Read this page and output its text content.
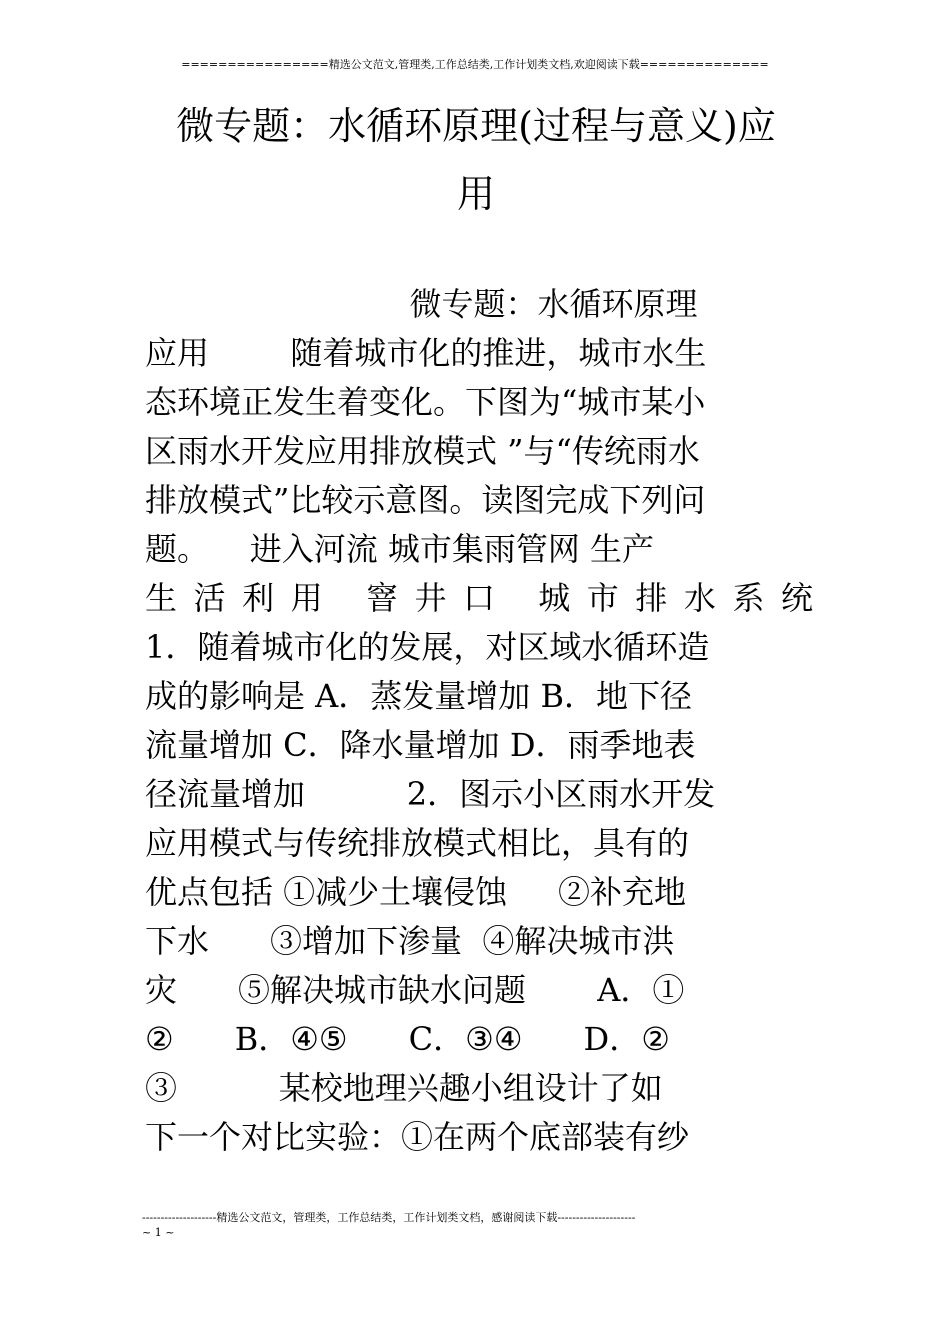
================精选公文范文,管理类,工作总结类,工作计划类文档,欢迎阅读下载==============
微专题：水循环原理(过程与意义)应
用
微专题：水循环原理
应用        随着城市化的推进，城市水生
态环境正发生着变化。下图为“城市某小
区雨水开发应用排放模式 ”与“传统雨水
排放模式”比较示意图。读图完成下列问
题。    进入河流 城市集雨管网 生产
生活利用 窨井口 城市排水系统
1．随着城市化的发展，对区域水循环造
成的影响是 A．蒸发量增加 B．地下径
流量增加 C．降水量增加 D．雨季地表
径流量增加          2．图示小区雨水开发
应用模式与传统排放模式相比，具有的
优点包括 ①减少土壤侵蚀     ②补充地
下水      ③增加下渗量  ④解决城市洪
灾      ⑤解决城市缺水问题       A．①
②      B．④⑤      C．③④      D．②
③          某校地理兴趣小组设计了如
下一个对比实验：①在两个底部装有纱
--------------------精选公文范文，管理类，工作总结类，工作计划类文档，感谢阅读下载---------------------
~ 1 ~
